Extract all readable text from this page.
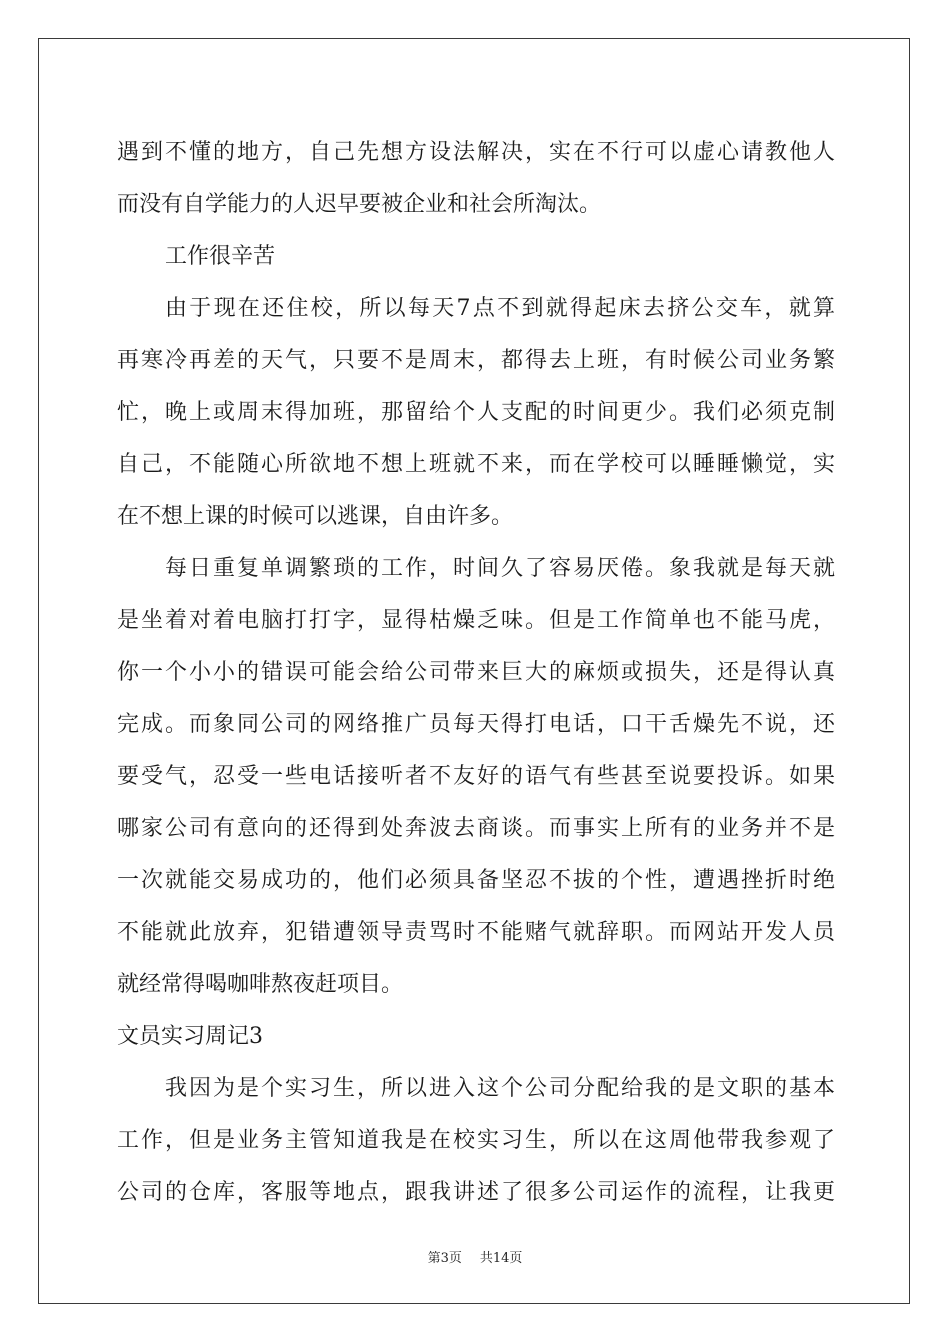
遇到不懂的地方，自己先想方设法解决，实在不行可以虚心请教他人
而没有自学能力的人迟早要被企业和社会所淘汰。
工作很辛苦
由于现在还住校，所以每天7点不到就得起床去挤公交车，就算
再寒冷再差的天气，只要不是周末，都得去上班，有时候公司业务繁
忙，晚上或周末得加班，那留给个人支配的时间更少。我们必须克制
自己，不能随心所欲地不想上班就不来，而在学校可以睡睡懒觉，实
在不想上课的时候可以逃课，自由许多。
每日重复单调繁琐的工作，时间久了容易厌倦。象我就是每天就
是坐着对着电脑打打字，显得枯燥乏味。但是工作简单也不能马虎，
你一个小小的错误可能会给公司带来巨大的麻烦或损失，还是得认真
完成。而象同公司的网络推广员每天得打电话，口干舌燥先不说，还
要受气，忍受一些电话接听者不友好的语气有些甚至说要投诉。如果
哪家公司有意向的还得到处奔波去商谈。而事实上所有的业务并不是
一次就能交易成功的，他们必须具备坚忍不拔的个性，遭遇挫折时绝
不能就此放弃，犯错遭领导责骂时不能赌气就辞职。而网站开发人员
就经常得喝咖啡熬夜赶项目。
文员实习周记3
我因为是个实习生，所以进入这个公司分配给我的是文职的基本
工作，但是业务主管知道我是在校实习生，所以在这周他带我参观了
公司的仓库，客服等地点，跟我讲述了很多公司运作的流程，让我更
第3页 共14页
